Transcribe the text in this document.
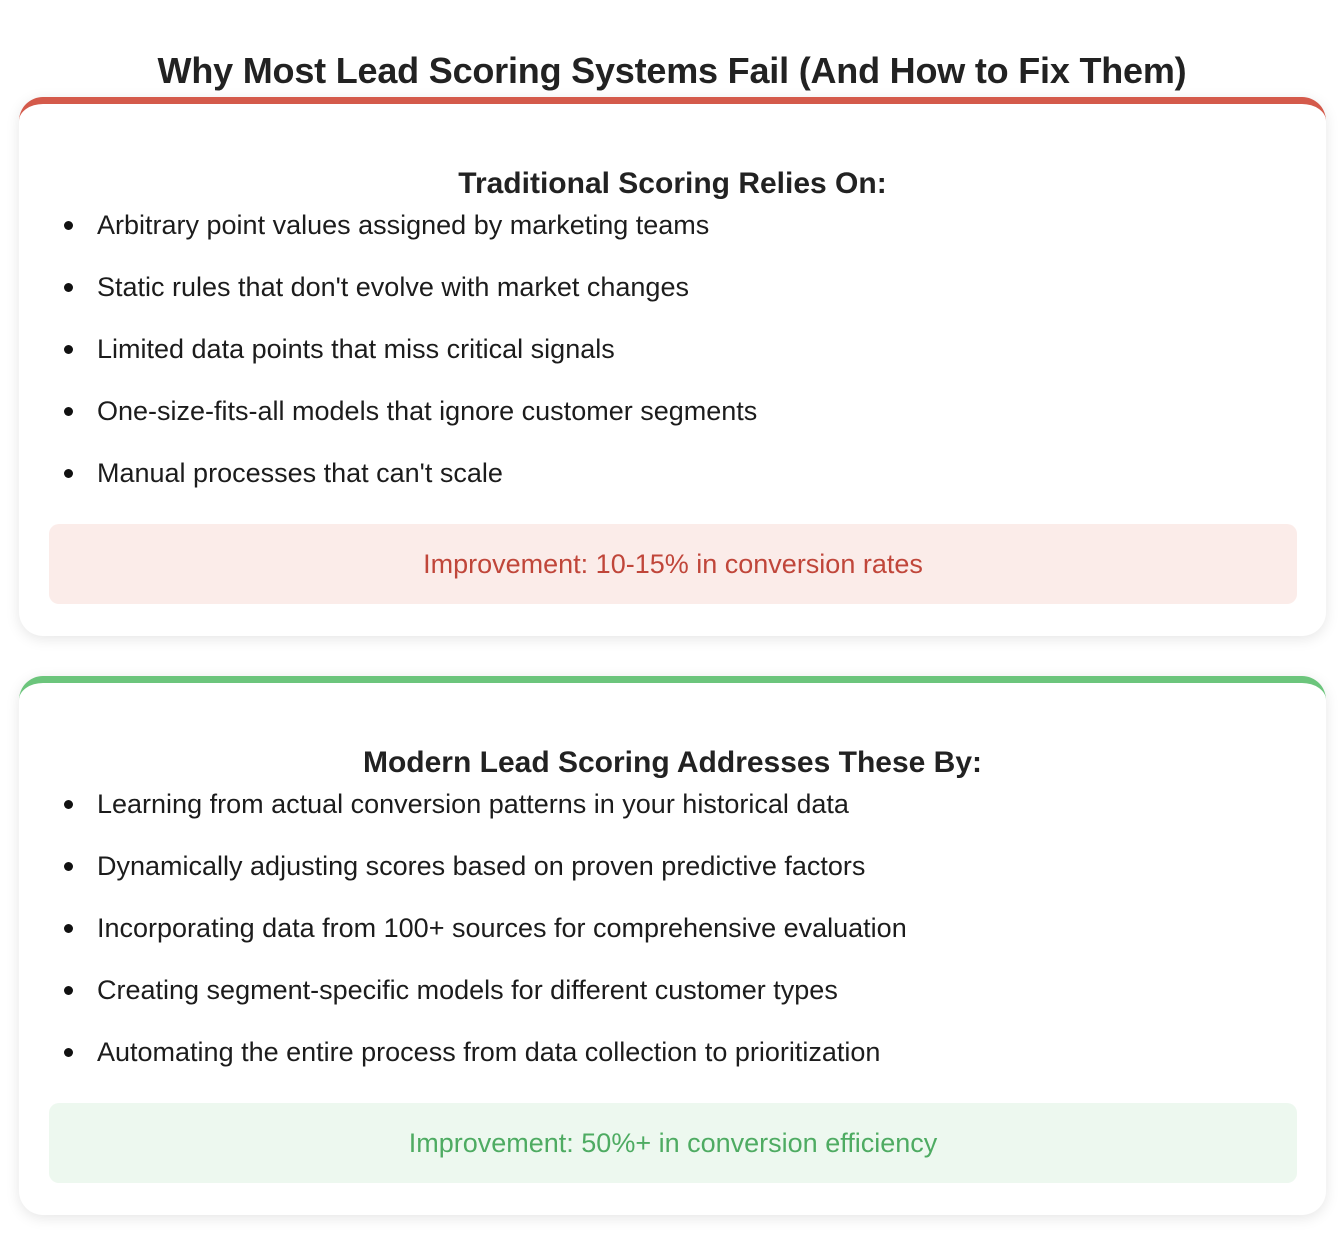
Why Most Lead Scoring Systems Fail (And How to Fix Them)
Traditional Scoring Relies On:
Arbitrary point values assigned by marketing teams
Static rules that don't evolve with market changes
Limited data points that miss critical signals
One-size-fits-all models that ignore customer segments
Manual processes that can't scale
Improvement: 10-15% in conversion rates
Modern Lead Scoring Addresses These By:
Learning from actual conversion patterns in your historical data
Dynamically adjusting scores based on proven predictive factors
Incorporating data from 100+ sources for comprehensive evaluation
Creating segment-specific models for different customer types
Automating the entire process from data collection to prioritization
Improvement: 50%+ in conversion efficiency
